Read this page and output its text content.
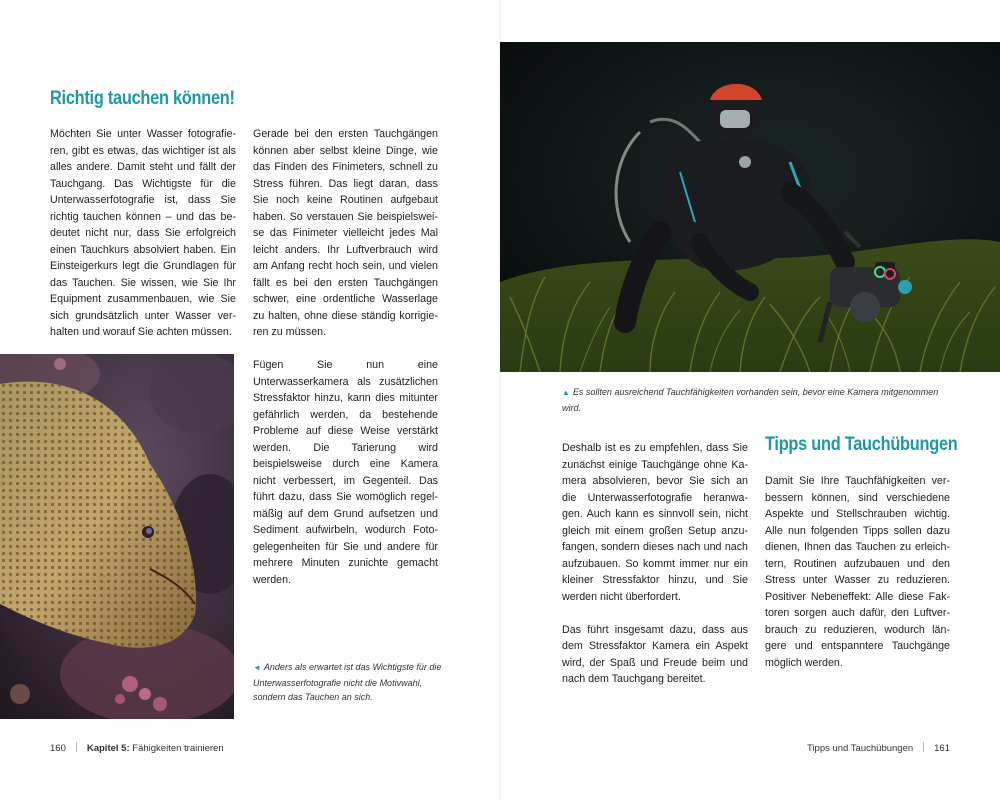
Richtig tauchen können!

Möchten Sie unter Wasser fotografieren, gibt es etwas, das wichtiger ist als alles andere. Damit steht und fällt der Tauchgang. Das Wichtigste für die Unterwasserfotografie ist, dass Sie richtig tauchen können – und das bedeutet nicht nur, dass Sie erfolgreich einen Tauchkurs absolviert haben. Ein Einsteigerkurs legt die Grundlagen für das Tauchen. Sie wissen, wie Sie Ihr Equipment zusammenbauen, wie Sie sich grundsätzlich unter Wasser verhalten und worauf Sie achten müssen.

Gerade bei den ersten Tauchgängen können aber selbst kleine Dinge, wie das Finden des Finimeters, schnell zu Stress führen. Das liegt daran, dass Sie noch keine Routinen aufgebaut haben. So verstauen Sie beispielsweise das Finimeter vielleicht jedes Mal leicht anders. Ihr Luftverbrauch wird am Anfang recht hoch sein, und vielen fällt es bei den ersten Tauchgängen schwer, eine ordentliche Wasserlage zu halten, ohne diese ständig korrigieren zu müssen.

Fügen Sie nun eine Unterwasserkamera als zusätzlichen Stressfaktor hinzu, kann dies mitunter gefährlich werden, da bestehende Probleme auf diese Weise verstärkt werden. Die Tarierung wird beispielsweise durch eine Kamera nicht verbessert, im Gegenteil. Das führt dazu, dass Sie womöglich regelmäßig auf dem Grund aufsetzen und Sediment aufwirbeln, wodurch Fotogelegenheiten für Sie und andere für mehrere Minuten zunichte gemacht werden.

◄ Anders als erwartet ist das Wichtigste für die Unterwasserfotografie nicht die Motivwahl, sondern das Tauchen an sich.
160 Kapitel 5: Fähigkeiten trainieren
▲ Es sollten ausreichend Tauchfähigkeiten vorhanden sein, bevor eine Kamera mitgenommen wird.

Deshalb ist es zu empfehlen, dass Sie zunächst einige Tauchgänge ohne Kamera absolvieren, bevor Sie sich an die Unterwasserfotografie heranwagen. Auch kann es sinnvoll sein, nicht gleich mit einem großen Setup anzufangen, sondern dieses nach und nach aufzubauen. So kommt immer nur ein kleiner Stressfaktor hinzu, und Sie werden nicht überfordert.

Das führt insgesamt dazu, dass aus dem Stressfaktor Kamera ein Aspekt wird, der Spaß und Freude beim und nach dem Tauchgang bereitet.

Tipps und Tauchübungen

Damit Sie Ihre Tauchfähigkeiten verbessern können, sind verschiedene Aspekte und Stellschrauben wichtig. Alle nun folgenden Tipps sollen dazu dienen, Ihnen das Tauchen zu erleichtern, Routinen aufzubauen und den Stress unter Wasser zu reduzieren. Positiver Nebeneffekt: Alle diese Faktoren sorgen auch dafür, den Luftverbrauch zu reduzieren, wodurch längere und entspanntere Tauchgänge möglich werden.

Tipps und Tauchübungen 161
